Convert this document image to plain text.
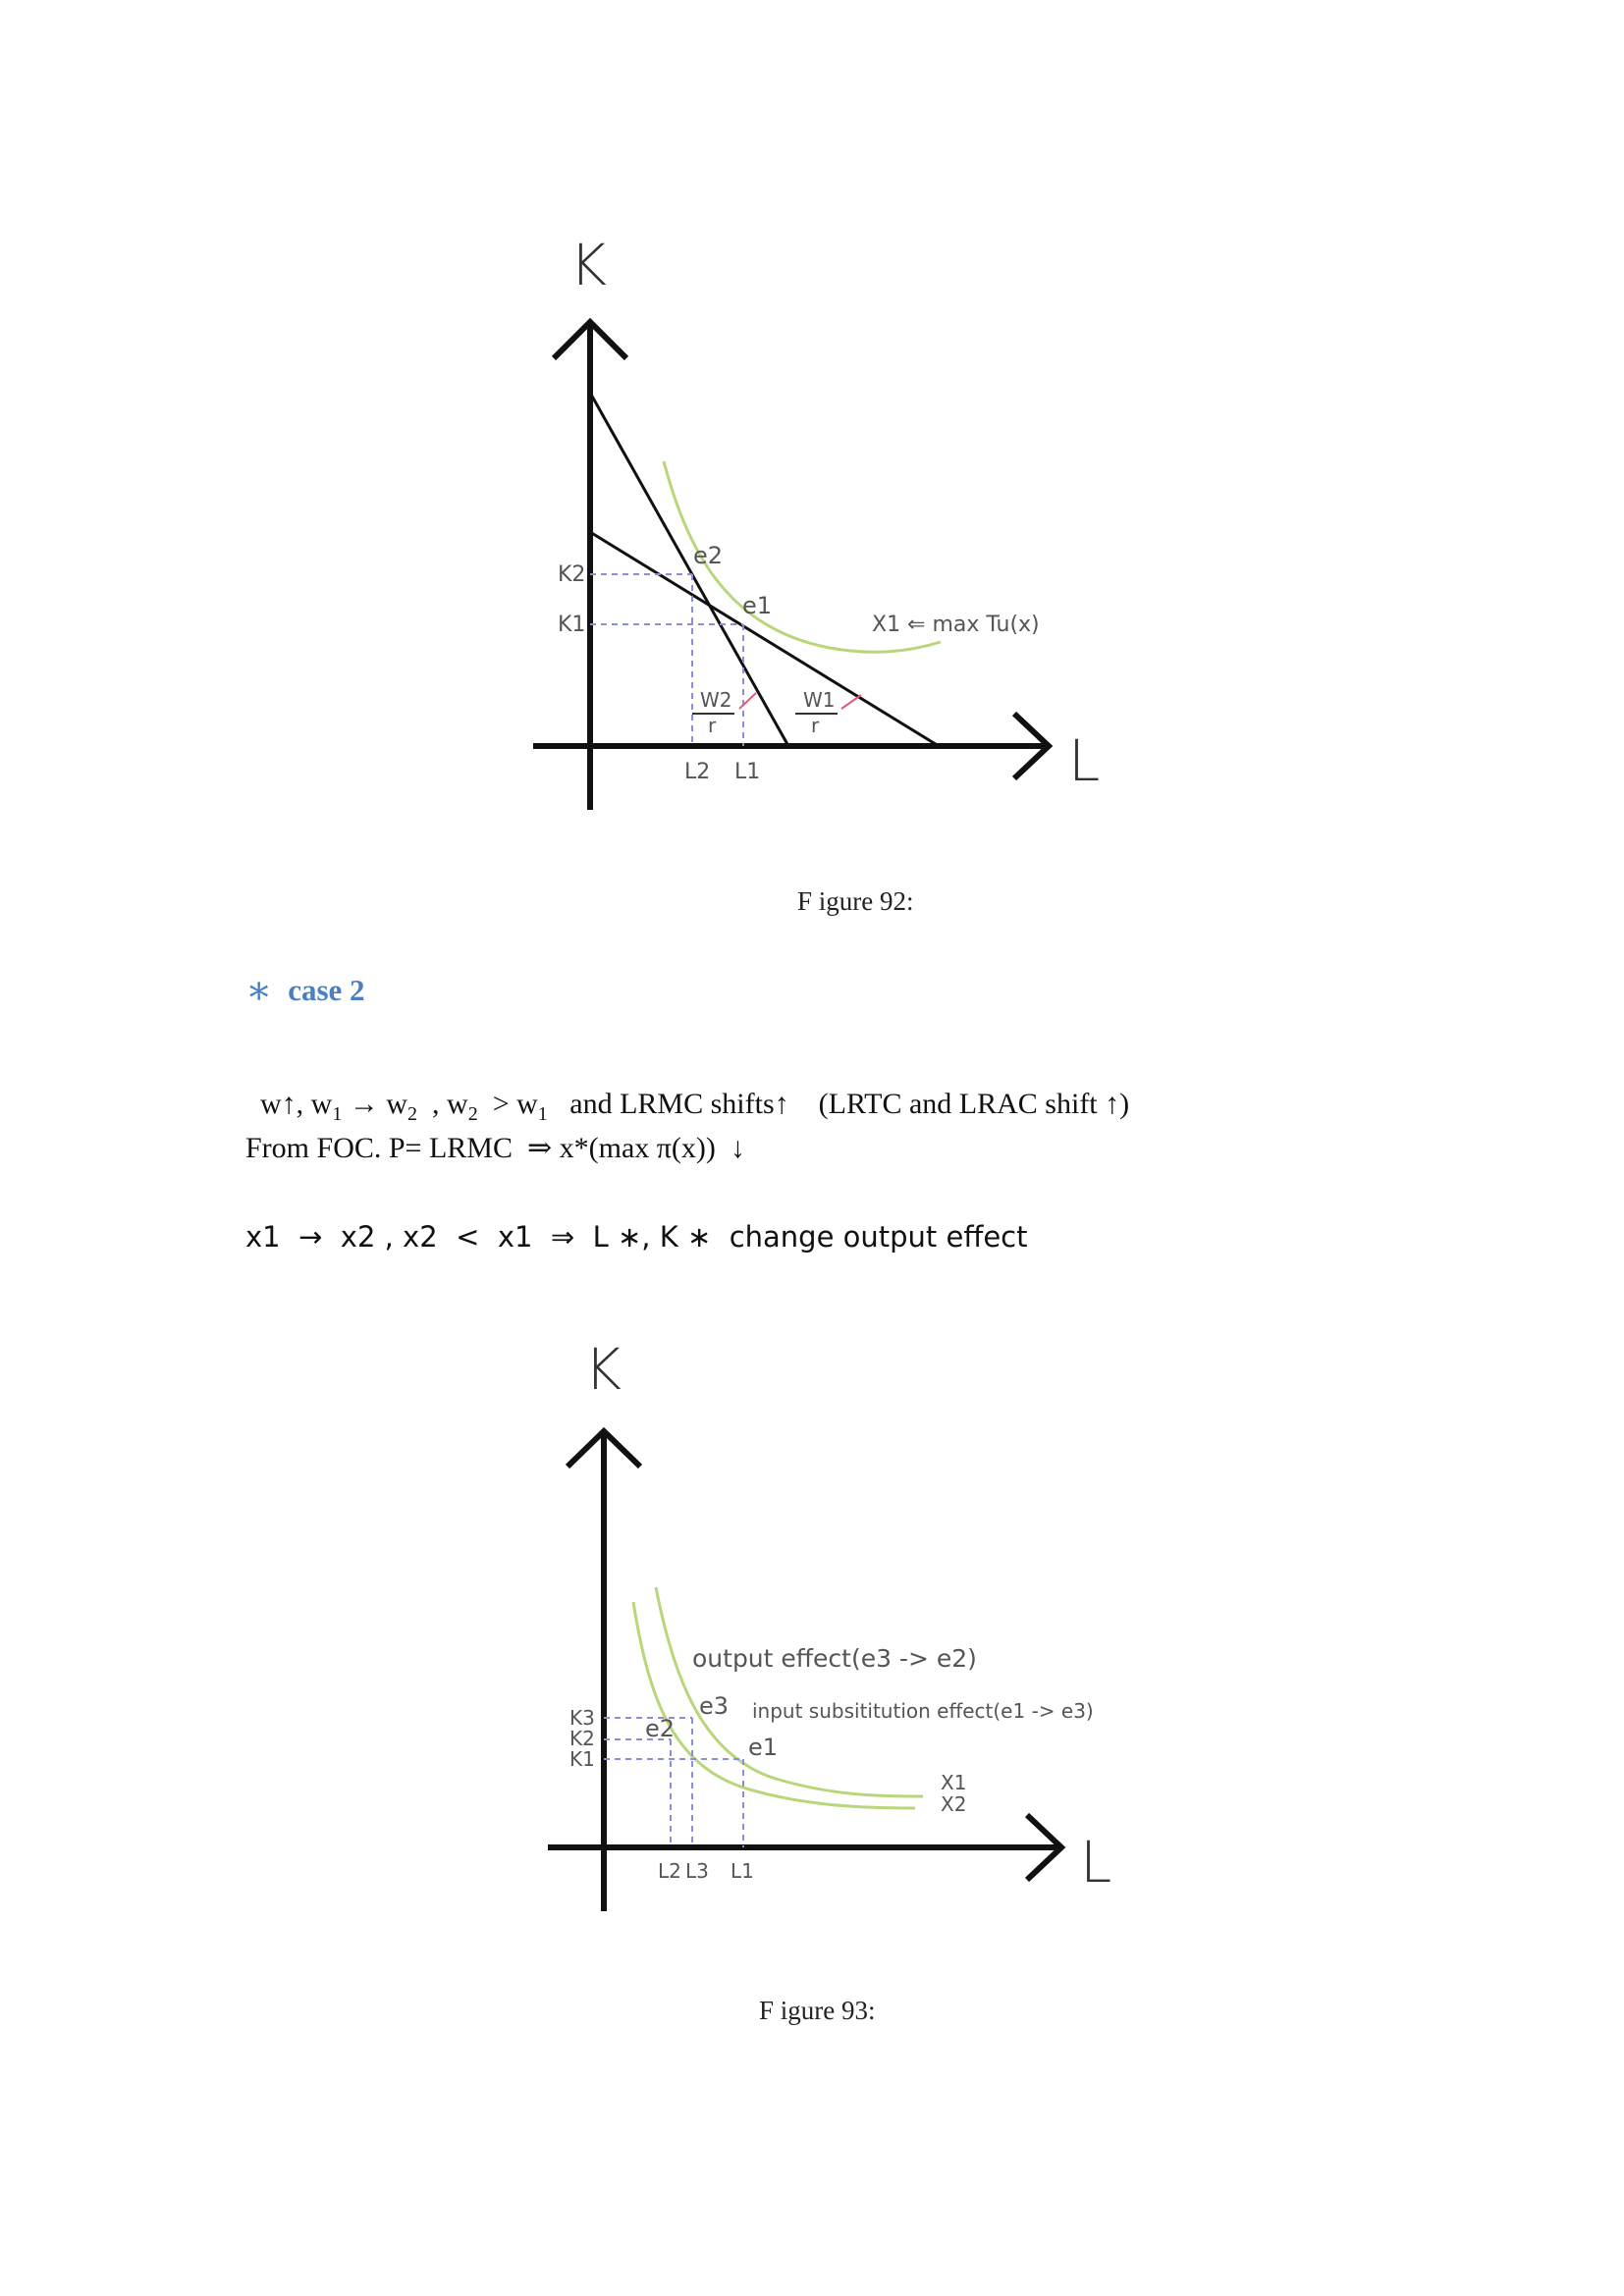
K
L
K2
K1
L2 L1
e2
e1
X1 ⇐ max Tu(x)
W2
r
W1
r
K
L
K3
K2
K1
L2 L3 L1
e3
e2
e1
output effect(e3 -> e2)
input subsititution effect(e1 -> e3)
X1
X2
F igure 92:
∗ case 2

w↑, $w_1 \to w_2$  , $w_2 > w_1$   and LRMC shifts↑    (LRTC and LRAC shift ↑)

From FOC. P= LRMC  ⇒ x*(max π(x))  ↓
x1  →  x2 , x2  <  x1  ⇒  L ∗, K ∗  change output effect
F igure 93:
